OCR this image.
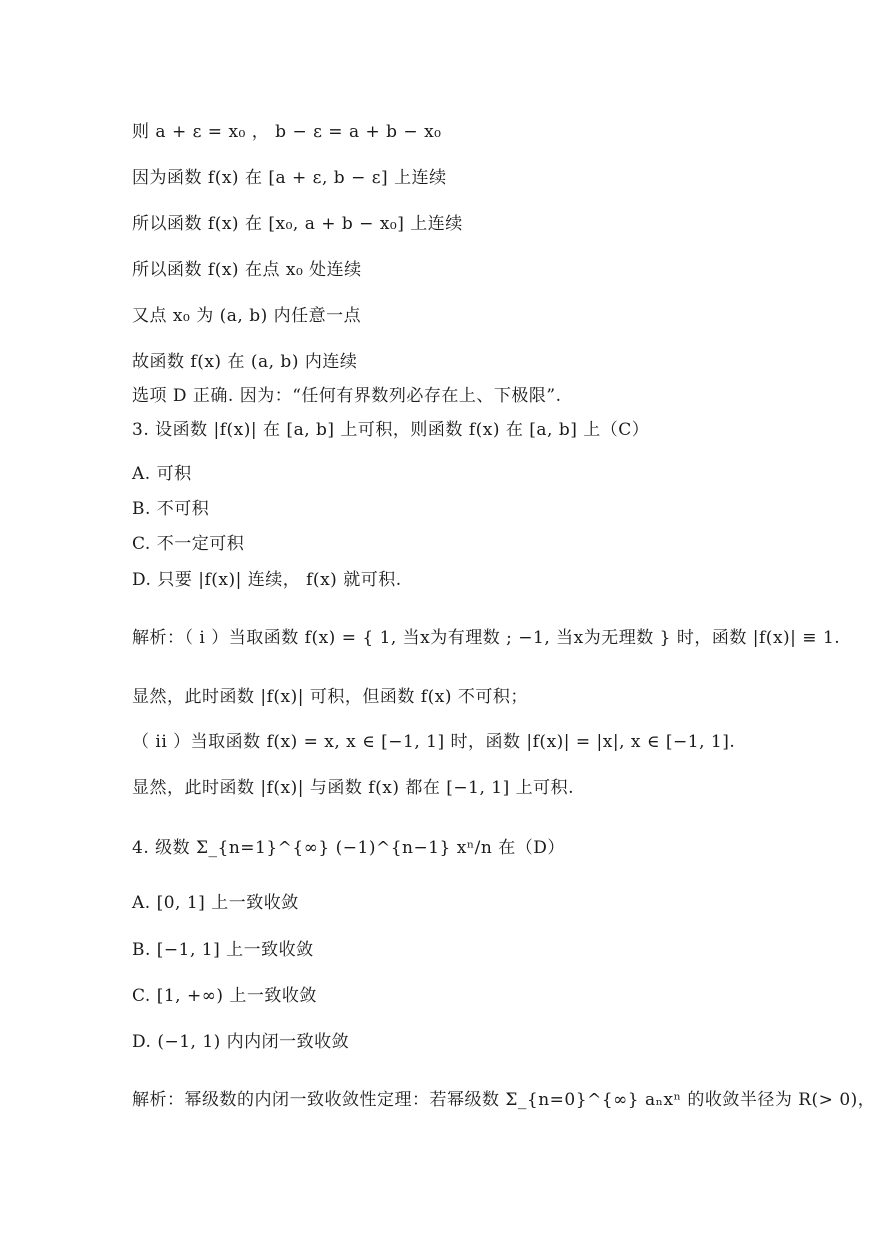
则 a + ε = x₀ ， b − ε = a + b − x₀
因为函数 f(x) 在 [a + ε, b − ε] 上连续
所以函数 f(x) 在 [x₀, a + b − x₀] 上连续
所以函数 f(x) 在点 x₀ 处连续
又点 x₀ 为 (a, b) 内任意一点
故函数 f(x) 在 (a, b) 内连续
选项 D 正确. 因为：“任何有界数列必存在上、下极限”.
3. 设函数 |f(x)| 在 [a, b] 上可积，则函数 f(x) 在 [a, b] 上（C）
A. 可积
B. 不可积
C. 不一定可积
D. 只要 |f(x)| 连续， f(x) 就可积.
解析：（ i ）当取函数 f(x) = { 1, 当x为有理数 ; −1, 当x为无理数 } 时，函数 |f(x)| ≡ 1.
显然，此时函数 |f(x)| 可积，但函数 f(x) 不可积；
（ ii ）当取函数 f(x) = x, x ∈ [−1, 1] 时，函数 |f(x)| = |x|, x ∈ [−1, 1].
显然，此时函数 |f(x)| 与函数 f(x) 都在 [−1, 1] 上可积.
4. 级数 Σ_{n=1}^{∞} (−1)^{n−1} xⁿ/n 在（D）
A. [0, 1] 上一致收敛
B. [−1, 1] 上一致收敛
C. [1, +∞) 上一致收敛
D. (−1, 1) 内内闭一致收敛
解析：幂级数的内闭一致收敛性定理：若幂级数 Σ_{n=0}^{∞} aₙxⁿ 的收敛半径为 R(> 0)，
